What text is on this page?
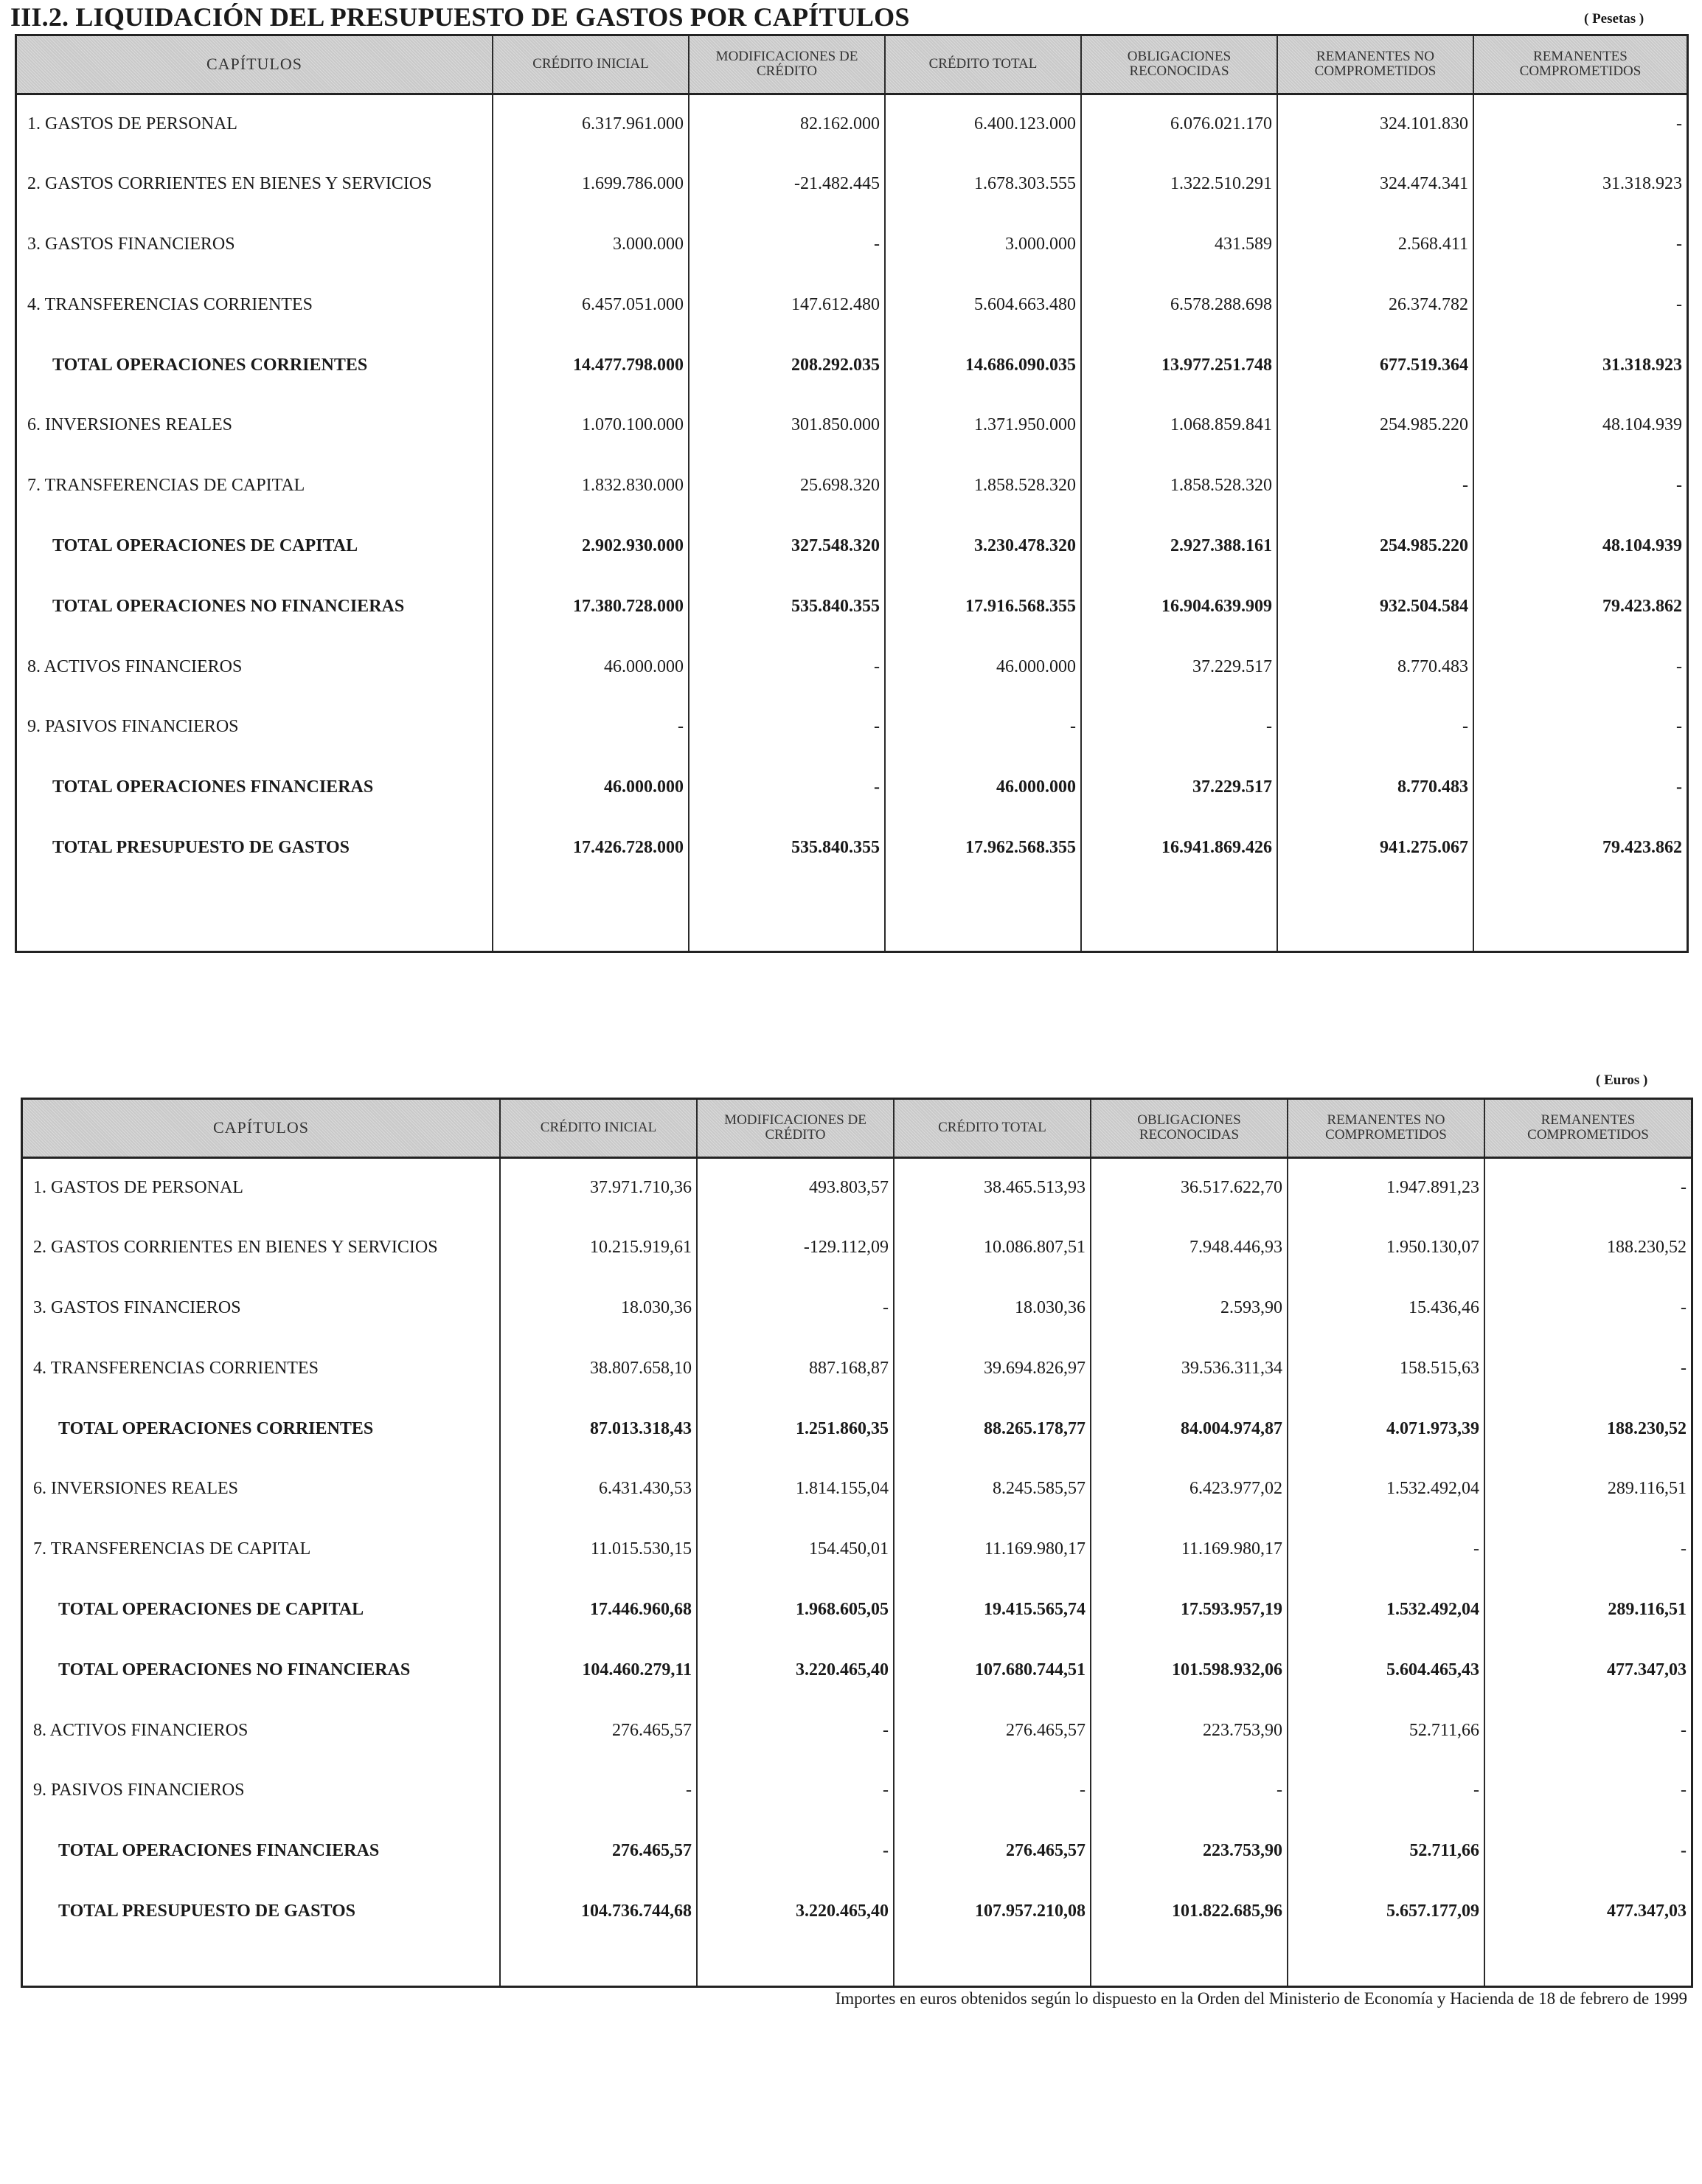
III.2. LIQUIDACIÓN DEL PRESUPUESTO DE GASTOS POR CAPÍTULOS	( Pesetas )
CAPÍTULOS	CRÉDITO INICIAL	MODIFICACIONES DE CRÉDITO	CRÉDITO TOTAL	OBLIGACIONES RECONOCIDAS	REMANENTES NO COMPROMETIDOS	REMANENTES COMPROMETIDOS
1. GASTOS DE PERSONAL	6.317.961.000	82.162.000	6.400.123.000	6.076.021.170	324.101.830	-
2. GASTOS CORRIENTES EN BIENES Y SERVICIOS	1.699.786.000	-21.482.445	1.678.303.555	1.322.510.291	324.474.341	31.318.923
3. GASTOS FINANCIEROS	3.000.000	-	3.000.000	431.589	2.568.411	-
4. TRANSFERENCIAS CORRIENTES	6.457.051.000	147.612.480	5.604.663.480	6.578.288.698	26.374.782	-
TOTAL OPERACIONES CORRIENTES	14.477.798.000	208.292.035	14.686.090.035	13.977.251.748	677.519.364	31.318.923
6. INVERSIONES REALES	1.070.100.000	301.850.000	1.371.950.000	1.068.859.841	254.985.220	48.104.939
7. TRANSFERENCIAS DE CAPITAL	1.832.830.000	25.698.320	1.858.528.320	1.858.528.320	-	-
TOTAL OPERACIONES DE CAPITAL	2.902.930.000	327.548.320	3.230.478.320	2.927.388.161	254.985.220	48.104.939
TOTAL OPERACIONES NO FINANCIERAS	17.380.728.000	535.840.355	17.916.568.355	16.904.639.909	932.504.584	79.423.862
8. ACTIVOS FINANCIEROS	46.000.000	-	46.000.000	37.229.517	8.770.483	-
9. PASIVOS FINANCIEROS	-	-	-	-	-	-
TOTAL OPERACIONES FINANCIERAS	46.000.000	-	46.000.000	37.229.517	8.770.483	-
TOTAL PRESUPUESTO DE GASTOS	17.426.728.000	535.840.355	17.962.568.355	16.941.869.426	941.275.067	79.423.862

( Euros )
CAPÍTULOS	CRÉDITO INICIAL	MODIFICACIONES DE CRÉDITO	CRÉDITO TOTAL	OBLIGACIONES RECONOCIDAS	REMANENTES NO COMPROMETIDOS	REMANENTES COMPROMETIDOS
1. GASTOS DE PERSONAL	37.971.710,36	493.803,57	38.465.513,93	36.517.622,70	1.947.891,23	-
2. GASTOS CORRIENTES EN BIENES Y SERVICIOS	10.215.919,61	-129.112,09	10.086.807,51	7.948.446,93	1.950.130,07	188.230,52
3. GASTOS FINANCIEROS	18.030,36	-	18.030,36	2.593,90	15.436,46	-
4. TRANSFERENCIAS CORRIENTES	38.807.658,10	887.168,87	39.694.826,97	39.536.311,34	158.515,63	-
TOTAL OPERACIONES CORRIENTES	87.013.318,43	1.251.860,35	88.265.178,77	84.004.974,87	4.071.973,39	188.230,52
6. INVERSIONES REALES	6.431.430,53	1.814.155,04	8.245.585,57	6.423.977,02	1.532.492,04	289.116,51
7. TRANSFERENCIAS DE CAPITAL	11.015.530,15	154.450,01	11.169.980,17	11.169.980,17	-	-
TOTAL OPERACIONES DE CAPITAL	17.446.960,68	1.968.605,05	19.415.565,74	17.593.957,19	1.532.492,04	289.116,51
TOTAL OPERACIONES NO FINANCIERAS	104.460.279,11	3.220.465,40	107.680.744,51	101.598.932,06	5.604.465,43	477.347,03
8. ACTIVOS FINANCIEROS	276.465,57	-	276.465,57	223.753,90	52.711,66	-
9. PASIVOS FINANCIEROS	-	-	-	-	-	-
TOTAL OPERACIONES FINANCIERAS	276.465,57	-	276.465,57	223.753,90	52.711,66	-
TOTAL PRESUPUESTO DE GASTOS	104.736.744,68	3.220.465,40	107.957.210,08	101.822.685,96	5.657.177,09	477.347,03

Importes en euros obtenidos según lo dispuesto en la Orden del Ministerio de Economía y Hacienda de 18 de febrero de 1999
